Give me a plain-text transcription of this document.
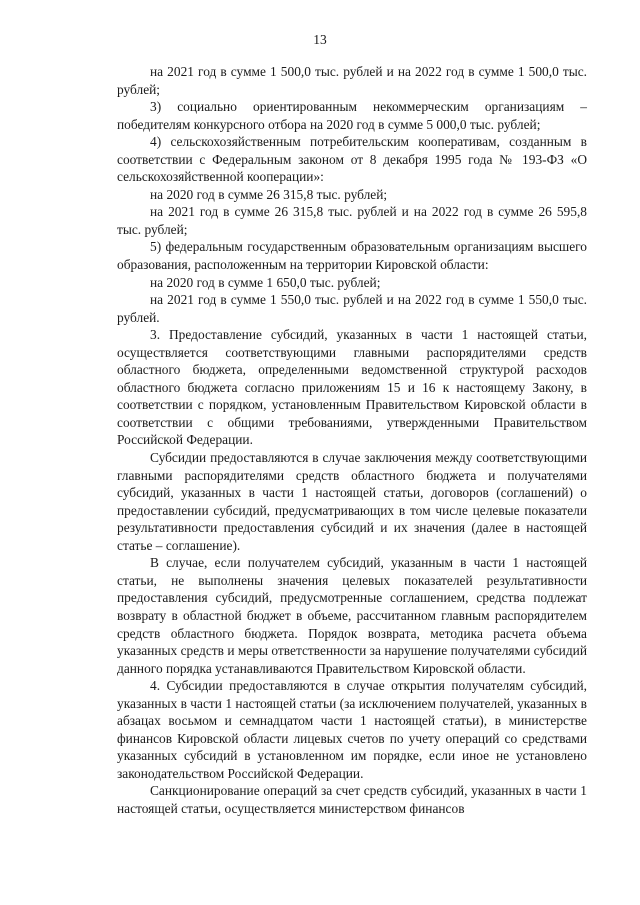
13

на 2021 год в сумме 1 500,0 тыс. рублей и на 2022 год в сумме 1 500,0 тыс. рублей;

3) социально ориентированным некоммерческим организациям – победителям конкурсного отбора на 2020 год в сумме 5 000,0 тыс. рублей;

4) сельскохозяйственным потребительским кооперативам, созданным в соответствии с Федеральным законом от 8 декабря 1995 года № 193-ФЗ «О сельскохозяйственной кооперации»:

на 2020 год в сумме 26 315,8 тыс. рублей;

на 2021 год в сумме 26 315,8 тыс. рублей и на 2022 год в сумме 26 595,8 тыс. рублей;

5) федеральным государственным образовательным организациям высшего образования, расположенным на территории Кировской области:

на 2020 год в сумме 1 650,0 тыс. рублей;

на 2021 год в сумме 1 550,0 тыс. рублей и на 2022 год в сумме 1 550,0 тыс. рублей.

3. Предоставление субсидий, указанных в части 1 настоящей статьи, осуществляется соответствующими главными распорядителями средств областного бюджета, определенными ведомственной структурой расходов областного бюджета согласно приложениям 15 и 16 к настоящему Закону, в соответствии с порядком, установленным Правительством Кировской области в соответствии с общими требованиями, утвержденными Правительством Российской Федерации.

Субсидии предоставляются в случае заключения между соответствующими главными распорядителями средств областного бюджета и получателями субсидий, указанных в части 1 настоящей статьи, договоров (соглашений) о предоставлении субсидий, предусматривающих в том числе целевые показатели результативности предоставления субсидий и их значения (далее в настоящей статье – соглашение).

В случае, если получателем субсидий, указанным в части 1 настоящей статьи, не выполнены значения целевых показателей результативности предоставления субсидий, предусмотренные соглашением, средства подлежат возврату в областной бюджет в объеме, рассчитанном главным распорядителем средств областного бюджета. Порядок возврата, методика расчета объема указанных средств и меры ответственности за нарушение получателями субсидий данного порядка устанавливаются Правительством Кировской области.

4. Субсидии предоставляются в случае открытия получателям субсидий, указанных в части 1 настоящей статьи (за исключением получателей, указанных в абзацах восьмом и семнадцатом части 1 настоящей статьи), в министерстве финансов Кировской области лицевых счетов по учету операций со средствами указанных субсидий в установленном им порядке, если иное не установлено законодательством Российской Федерации.

Санкционирование операций за счет средств субсидий, указанных в части 1 настоящей статьи, осуществляется министерством финансов
